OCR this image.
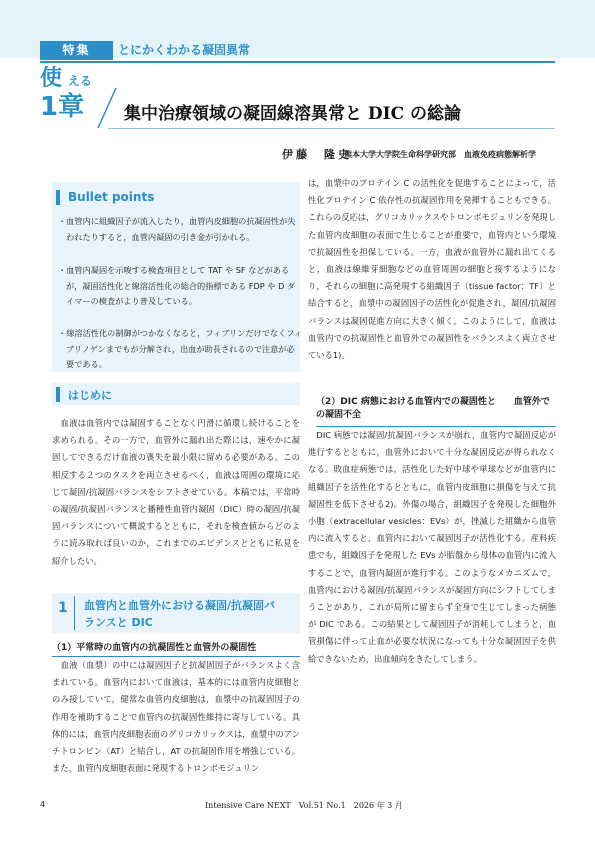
特集	とにかくわかる凝固異常
使 える
1章 集中治療領域の凝固線溶異常と DIC の総論
伊藤　隆史
熊本大学大学院生命科学研究部　血液免疫病態解析学
Bullet points
・血管内に組織因子が流入したり，血管内皮細胞の抗凝固性が失われたりすると，血管内凝固の引き金が引かれる。
・血管内凝固を示唆する検査項目として TAT や SF などがあるが，凝固活性化と線溶活性化の総合的指標である FDP や D ダイマーの検査がより普及している。
・線溶活性化の制御がつかなくなると，フィブリンだけでなくフィブリノゲンまでもが分解され，出血が助長されるので注意が必要である。
はじめに
　血液は血管内では凝固することなく円滑に循環し続けることを求められる。その一方で，血管外に漏れ出た際には，速やかに凝固してできるだけ血液の喪失を最小限に留める必要がある。この相反する２つのタスクを両立させるべく，血液は周囲の環境に応じて凝固/抗凝固バランスをシフトさせている。本稿では，平常時の凝固/抗凝固バランスと播種性血管内凝固（DIC）時の凝固/抗凝固バランスについて概説するとともに，それを検査値からどのように読み取れば良いのか，これまでのエビデンスとともに私見を紹介したい。
1 血管内と血管外における凝固/抗凝固バランスと DIC
（1）平常時の血管内の抗凝固性と血管外の凝固性
　血液（血漿）の中には凝固因子と抗凝固因子がバランスよく含まれている。血管内において血液は，基本的には血管内皮細胞とのみ接していて，健常な血管内皮細胞は，血漿中の抗凝固因子の作用を補助することで血管内の抗凝固性維持に寄与している。具体的には，血管内皮細胞表面のグリコカリックスは，血漿中のアンチトロンビン（AT）と結合し，AT の抗凝固作用を増強している。また，血管内皮細胞表面に発現するトロンボモジュリン
は，血漿中のプロテイン C の活性化を促進することによって，活性化プロテイン C 依存性の抗凝固作用を発揮することもできる。これらの反応は，グリコカリックスやトロンボモジュリンを発現した血管内皮細胞の表面で生じることが重要で，血管内という環境で抗凝固性を担保している。一方，血液が血管外に漏れ出てくると，血液は線維芽細胞などの血管周囲の細胞と接するようになり，それらの細胞に高発現する組織因子（tissue factor：TF）と結合すると，血漿中の凝固因子の活性化が促進され，凝固/抗凝固バランスは凝固促進方向に大きく傾く。このようにして，血液は血管内での抗凝固性と血管外での凝固性をバランスよく両立させている1)。
（2）DIC 病態における血管内での凝固性と　　血管外での凝固不全
　DIC 病態では凝固/抗凝固バランスが崩れ，血管内で凝固反応が進行するとともに，血管外において十分な凝固反応が得られなくなる。敗血症病態では，活性化した好中球や単球などが血管内に組織因子を活性化するとともに，血管内皮細胞に損傷を与えて抗凝固性を低下させる2)。外傷の場合，組織因子を発現した細胞外小胞（extracellular vesicles：EVs）が，挫滅した組織から血管内に流入すると，血管内において凝固因子が活性化する。産科疾患でも，組織因子を発現した EVs が胎盤から母体の血管内に流入することで，血管内凝固が進行する。このようなメカニズムで，血管内における凝固/抗凝固バランスが凝固方向にシフトしてしまうことがあり，これが局所に留まらず全身で生じてしまった病態が DIC である。この結果として凝固因子が消耗してしまうと，血管損傷に伴って止血が必要な状況になっても十分な凝固因子を供給できないため，出血傾向をきたしてしまう。
4	Intensive Care NEXT　Vol.51 No.1　2026 年 3 月
